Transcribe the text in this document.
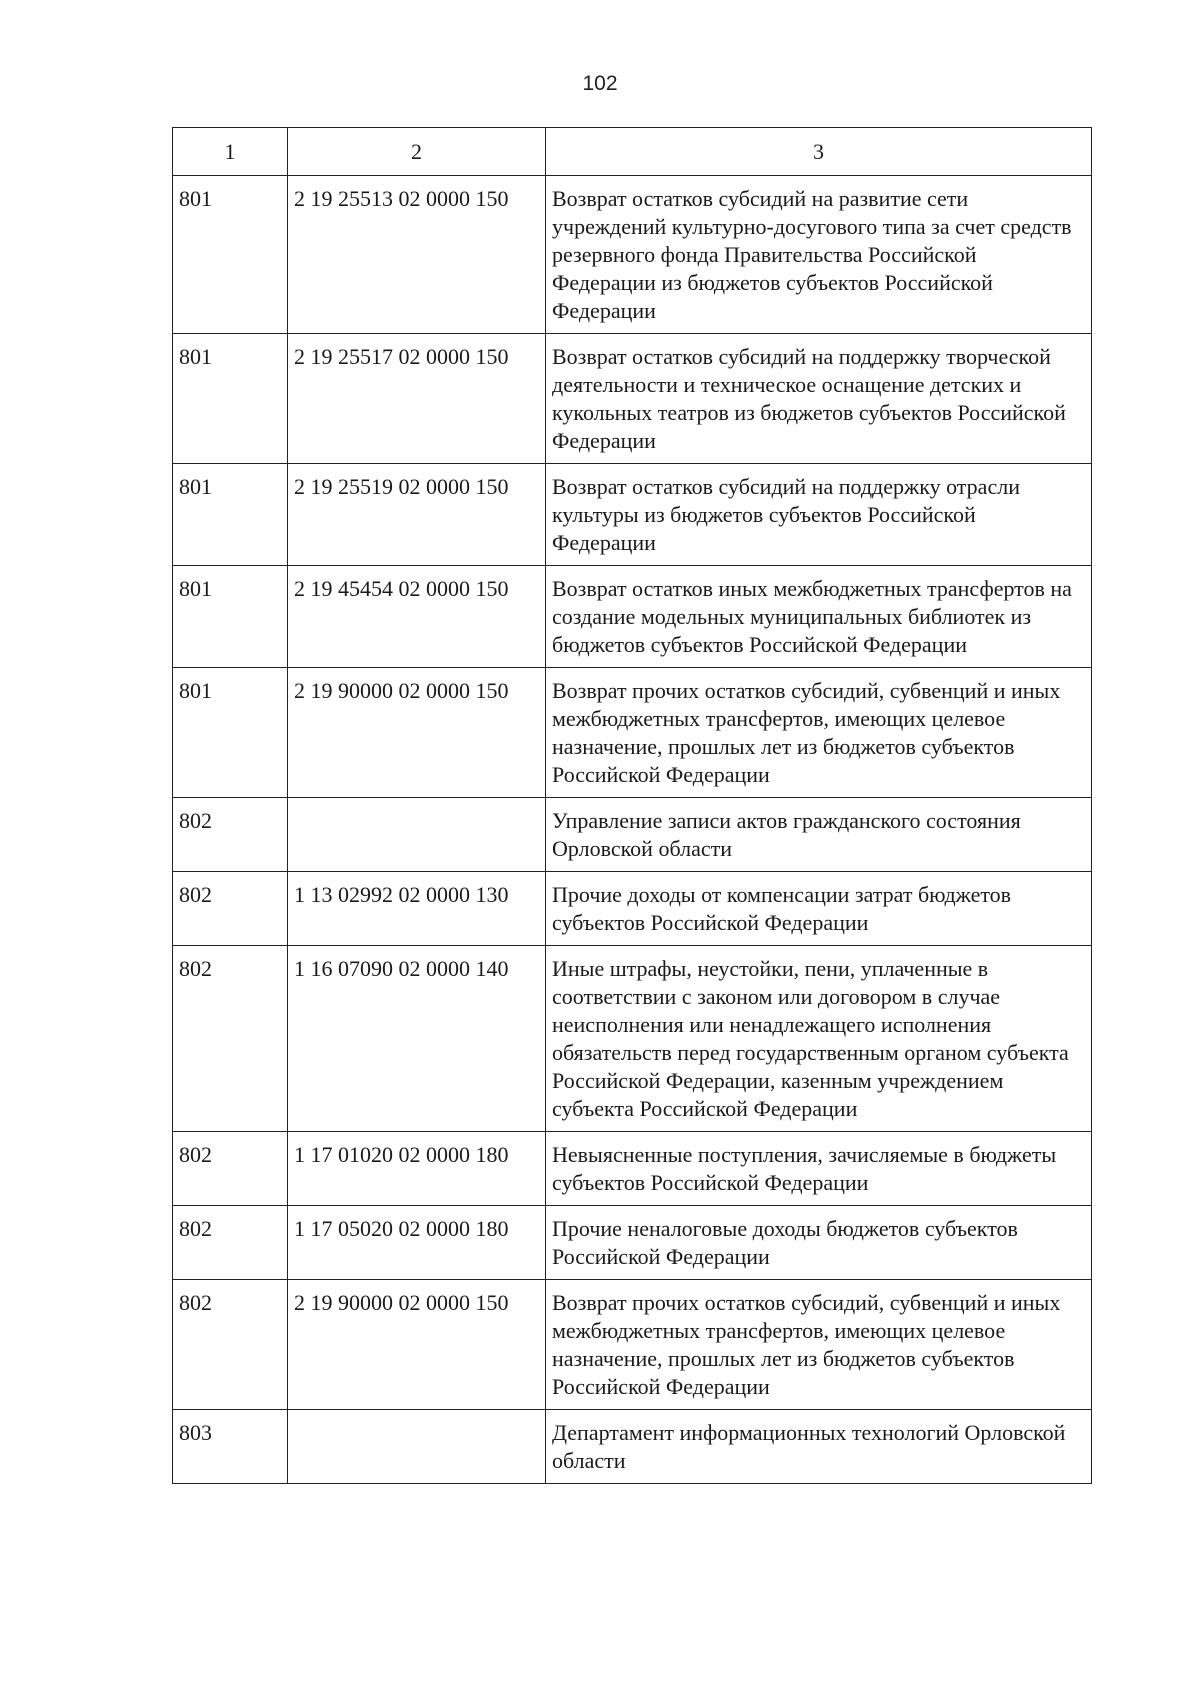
102
1	2	3
801	2 19 25513 02 0000 150	Возврат остатков субсидий на развитие сети учреждений культурно-досугового типа за счет средств резервного фонда Правительства Российской Федерации из бюджетов субъектов Российской Федерации
801	2 19 25517 02 0000 150	Возврат остатков субсидий на поддержку творческой деятельности и техническое оснащение детских и кукольных театров из бюджетов субъектов Российской Федерации
801	2 19 25519 02 0000 150	Возврат остатков субсидий на поддержку отрасли культуры из бюджетов субъектов Российской Федерации
801	2 19 45454 02 0000 150	Возврат остатков иных межбюджетных трансфертов на создание модельных муниципальных библиотек из бюджетов субъектов Российской Федерации
801	2 19 90000 02 0000 150	Возврат прочих остатков субсидий, субвенций и иных межбюджетных трансфертов, имеющих целевое назначение, прошлых лет из бюджетов субъектов Российской Федерации
802		Управление записи актов гражданского состояния Орловской области
802	1 13 02992 02 0000 130	Прочие доходы от компенсации затрат бюджетов субъектов Российской Федерации
802	1 16 07090 02 0000 140	Иные штрафы, неустойки, пени, уплаченные в соответствии с законом или договором в случае неисполнения или ненадлежащего исполнения обязательств перед государственным органом субъекта Российской Федерации, казенным учреждением субъекта Российской Федерации
802	1 17 01020 02 0000 180	Невыясненные поступления, зачисляемые в бюджеты субъектов Российской Федерации
802	1 17 05020 02 0000 180	Прочие неналоговые доходы бюджетов субъектов Российской Федерации
802	2 19 90000 02 0000 150	Возврат прочих остатков субсидий, субвенций и иных межбюджетных трансфертов, имеющих целевое назначение, прошлых лет из бюджетов субъектов Российской Федерации
803		Департамент информационных технологий Орловской области
